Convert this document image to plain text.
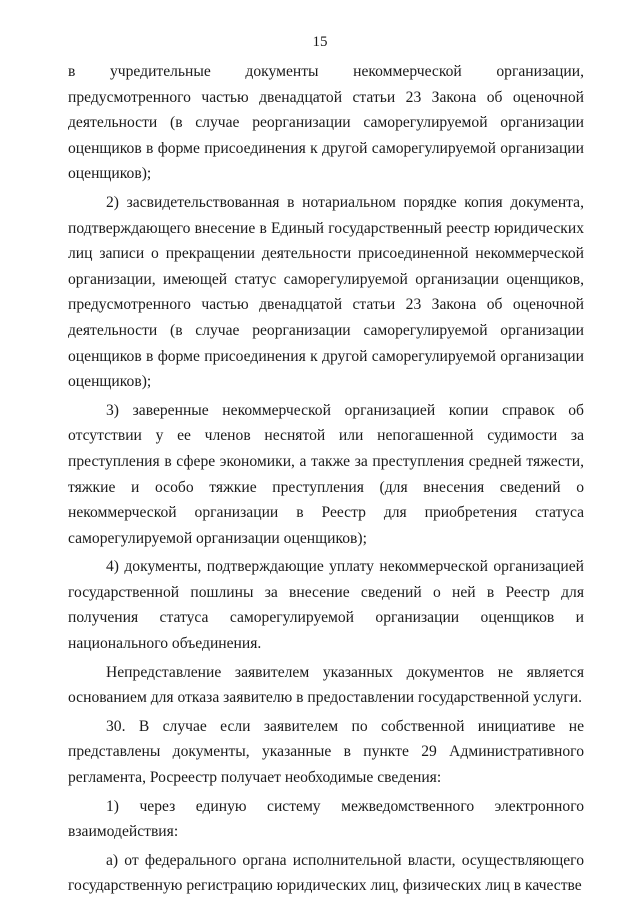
15

в учредительные документы некоммерческой организации, предусмотренного частью двенадцатой статьи 23 Закона об оценочной деятельности (в случае реорганизации саморегулируемой организации оценщиков в форме присоединения к другой саморегулируемой организации оценщиков);

2) засвидетельствованная в нотариальном порядке копия документа, подтверждающего внесение в Единый государственный реестр юридических лиц записи о прекращении деятельности присоединенной некоммерческой организации, имеющей статус саморегулируемой организации оценщиков, предусмотренного частью двенадцатой статьи 23 Закона об оценочной деятельности (в случае реорганизации саморегулируемой организации оценщиков в форме присоединения к другой саморегулируемой организации оценщиков);

3) заверенные некоммерческой организацией копии справок об отсутствии у ее членов неснятой или непогашенной судимости за преступления в сфере экономики, а также за преступления средней тяжести, тяжкие и особо тяжкие преступления (для внесения сведений о некоммерческой организации в Реестр для приобретения статуса саморегулируемой организации оценщиков);

4) документы, подтверждающие уплату некоммерческой организацией государственной пошлины за внесение сведений о ней в Реестр для получения статуса саморегулируемой организации оценщиков и национального объединения.

Непредставление заявителем указанных документов не является основанием для отказа заявителю в предоставлении государственной услуги.

30. В случае если заявителем по собственной инициативе не представлены документы, указанные в пункте 29 Административного регламента, Росреестр получает необходимые сведения:

1) через единую систему межведомственного электронного взаимодействия:

а) от федерального органа исполнительной власти, осуществляющего государственную регистрацию юридических лиц, физических лиц в качестве
